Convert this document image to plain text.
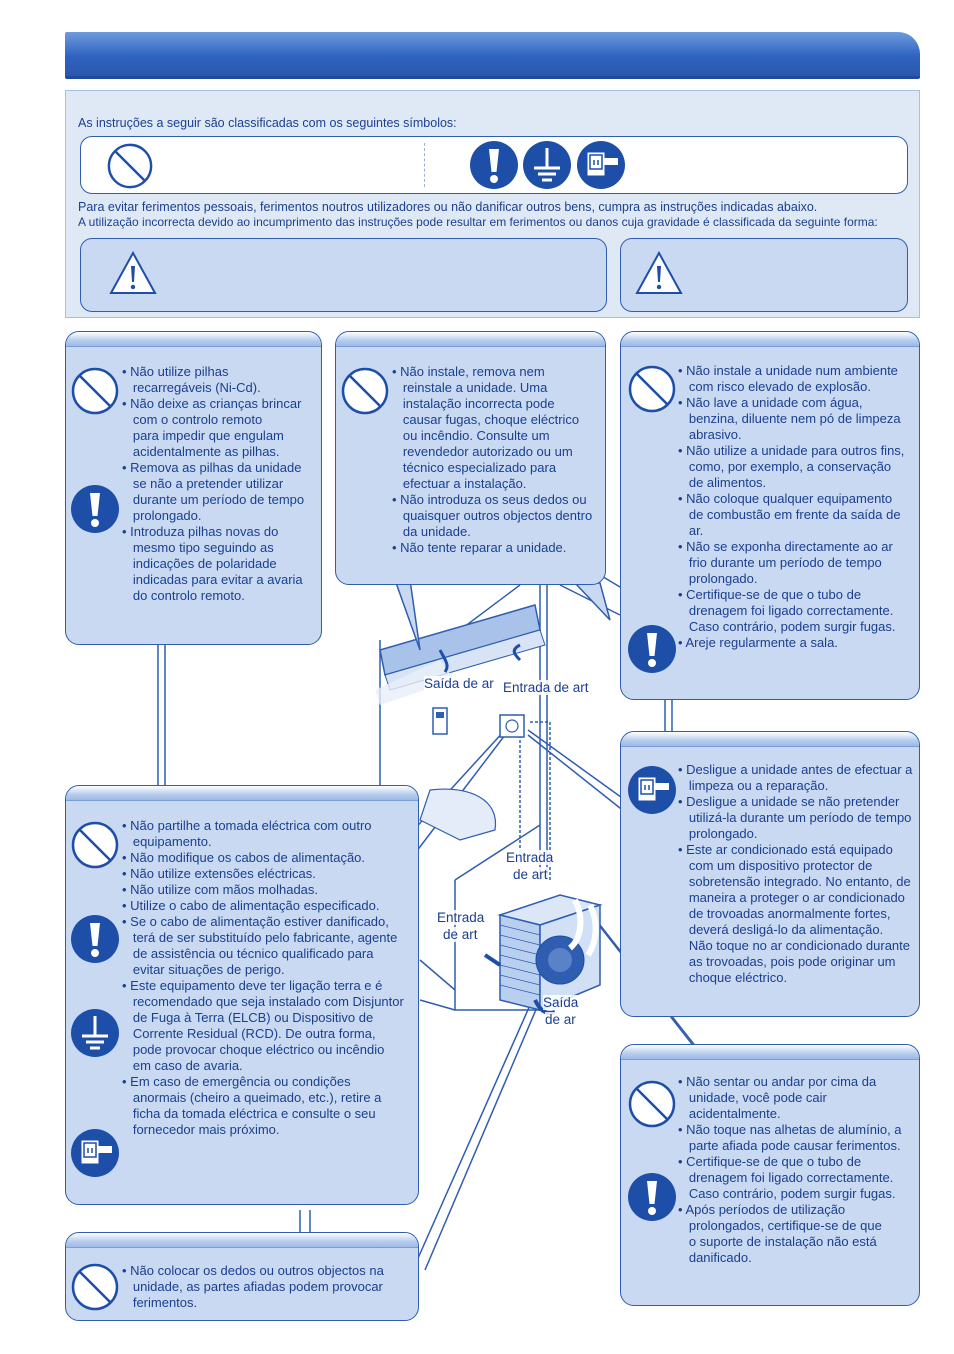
As instruções a seguir são classificadas com os seguintes símbolos:
Para evitar ferimentos pessoais, ferimentos noutros utilizadores ou não danificar outros bens, cumpra as instruções indicadas abaixo.
A utilização incorrecta devido ao incumprimento das instruções pode resultar em ferimentos ou danos cuja gravidade é classificada da seguinte forma:
Saída de ar Entrada de art
Entrada
de art
Entrada
de art
Saída
de ar
• Não utilize pilhas
recarregáveis (Ni-Cd).
• Não deixe as crianças brincar
com o controlo remoto
para impedir que engulam
acidentalmente as pilhas.
• Remova as pilhas da unidade
se não a pretender utilizar
durante um período de tempo
prolongado.
• Introduza pilhas novas do
mesmo tipo seguindo as
indicações de polaridade
indicadas para evitar a avaria
do controlo remoto.
• Não instale, remova nem
reinstale a unidade. Uma
instalação incorrecta pode
causar fugas, choque eléctrico
ou incêndio. Consulte um
revendedor autorizado ou um
técnico especializado para
efectuar a instalação.
• Não introduza os seus dedos ou
quaisquer outros objectos dentro
da unidade.
• Não tente reparar a unidade.
• Não instale a unidade num ambiente
com risco elevado de explosão.
• Não lave a unidade com água,
benzina, diluente nem pó de limpeza
abrasivo.
• Não utilize a unidade para outros fins,
como, por exemplo, a conservação
de alimentos.
• Não coloque qualquer equipamento
de combustão em frente da saída de
ar.
• Não se exponha directamente ao ar
frio durante um período de tempo
prolongado.
• Certifique-se de que o tubo de
drenagem foi ligado correctamente.
Caso contrário, podem surgir fugas.
• Areje regularmente a sala.
• Desligue a unidade antes de efectuar a
limpeza ou a reparação.
• Desligue a unidade se não pretender
utilizá-la durante um período de tempo
prolongado.
• Este ar condicionado está equipado
com um dispositivo protector de
sobretensão integrado. No entanto, de
maneira a proteger o ar condicionado
de trovoadas anormalmente fortes,
deverá desligá-lo da alimentação.
Não toque no ar condicionado durante
as trovoadas, pois pode originar um
choque eléctrico.
• Não partilhe a tomada eléctrica com outro
equipamento.
• Não modifique os cabos de alimentação.
• Não utilize extensões eléctricas.
• Não utilize com mãos molhadas.
• Utilize o cabo de alimentação especificado.
• Se o cabo de alimentação estiver danificado,
terá de ser substituído pelo fabricante, agente
de assistência ou técnico qualificado para
evitar situações de perigo.
• Este equipamento deve ter ligação terra e é
recomendado que seja instalado com Disjuntor
de Fuga à Terra (ELCB) ou Dispositivo de
Corrente Residual (RCD). De outra forma,
pode provocar choque eléctrico ou incêndio
em caso de avaria.
• Em caso de emergência ou condições
anormais (cheiro a queimado, etc.), retire a
ficha da tomada eléctrica e consulte o seu
fornecedor mais próximo.
• Não colocar os dedos ou outros objectos na
unidade, as partes afiadas podem provocar
ferimentos.
• Não sentar ou andar por cima da
unidade, você pode cair
acidentalmente.
• Não toque nas alhetas de alumínio, a
parte afiada pode causar ferimentos.
• Certifique-se de que o tubo de
drenagem foi ligado correctamente.
Caso contrário, podem surgir fugas.
• Após períodos de utilização
prolongados, certifique-se de que
o suporte de instalação não está
danificado.
